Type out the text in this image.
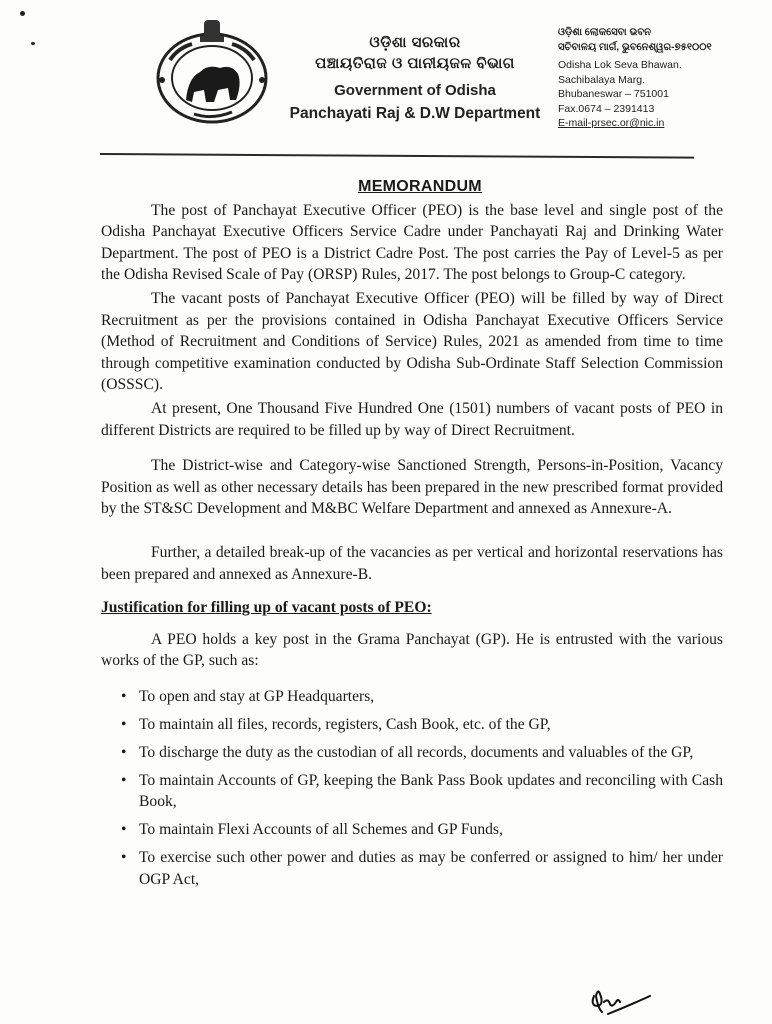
ଓଡ଼ିଶା ସରକାର
ପଞ୍ଚାୟତିରାଜ ଓ ପାନୀୟଜଳ ବିଭାଗ
Government of Odisha
Panchayati Raj & D.W Department
ଓଡ଼ିଶା ଲୋକସେବା ଭବନ
ସଚିବାଳୟ ମାର୍ଗ, ଭୁବନେଶ୍ୱର-୭୫୧୦୦୧
Odisha Lok Seva Bhawan.
Sachibalaya Marg.
Bhubaneswar – 751001
Fax.0674 – 2391413
E-mail-prsec.or@nic.in
MEMORANDUM

The post of Panchayat Executive Officer (PEO) is the base level and single post of the Odisha Panchayat Executive Officers Service Cadre under Panchayati Raj and Drinking Water Department. The post of PEO is a District Cadre Post. The post carries the Pay of Level-5 as per the Odisha Revised Scale of Pay (ORSP) Rules, 2017. The post belongs to Group-C category.

The vacant posts of Panchayat Executive Officer (PEO) will be filled by way of Direct Recruitment as per the provisions contained in Odisha Panchayat Executive Officers Service (Method of Recruitment and Conditions of Service) Rules, 2021 as amended from time to time through competitive examination conducted by Odisha Sub-Ordinate Staff Selection Commission (OSSSC).

At present, One Thousand Five Hundred One (1501) numbers of vacant posts of PEO in different Districts are required to be filled up by way of Direct Recruitment.

The District-wise and Category-wise Sanctioned Strength, Persons-in-Position, Vacancy Position as well as other necessary details has been prepared in the new prescribed format provided by the ST&SC Development and M&BC Welfare Department and annexed as Annexure-A.

Further, a detailed break-up of the vacancies as per vertical and horizontal reservations has been prepared and annexed as Annexure-B.

Justification for filling up of vacant posts of PEO:

A PEO holds a key post in the Grama Panchayat (GP). He is entrusted with the various works of the GP, such as:

• To open and stay at GP Headquarters,
• To maintain all files, records, registers, Cash Book, etc. of the GP,
• To discharge the duty as the custodian of all records, documents and valuables of the GP,
• To maintain Accounts of GP, keeping the Bank Pass Book updates and reconciling with Cash Book,
• To maintain Flexi Accounts of all Schemes and GP Funds,
• To exercise such other power and duties as may be conferred or assigned to him/ her under OGP Act,
